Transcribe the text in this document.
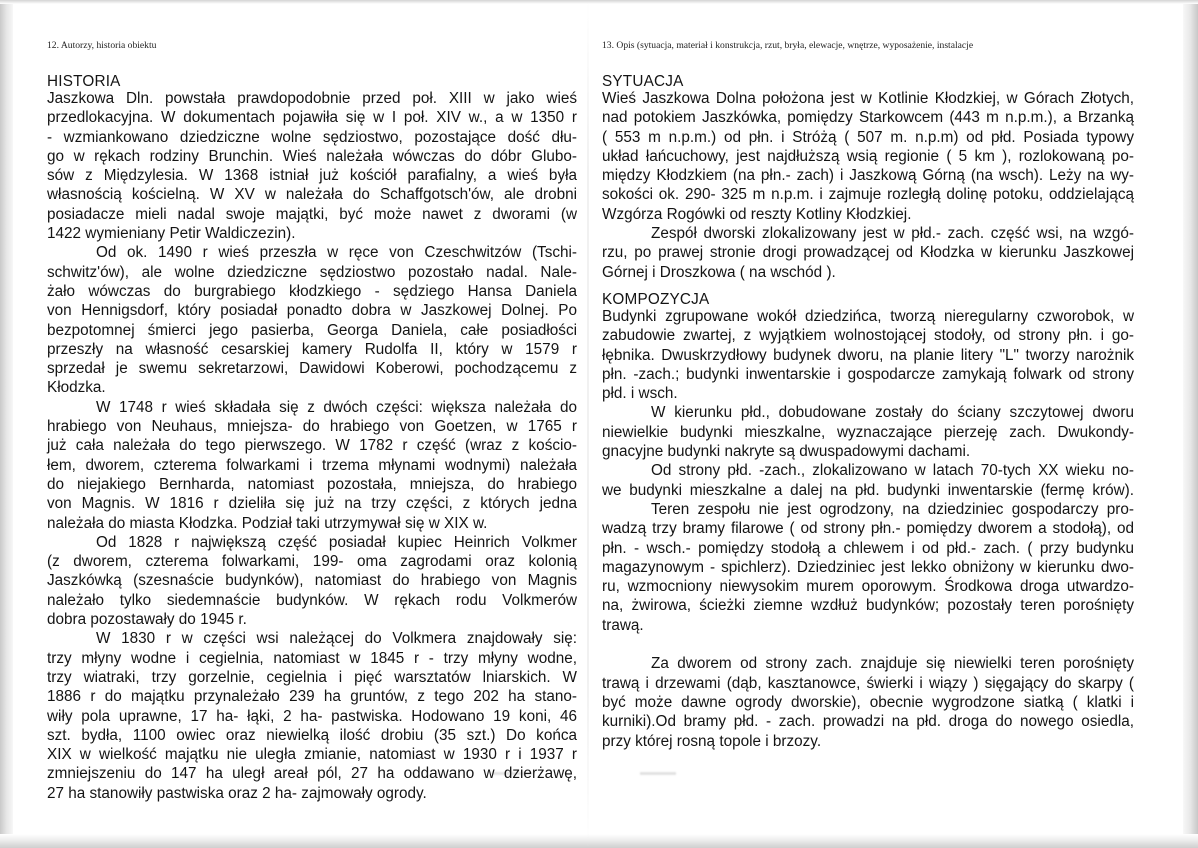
12. Autorzy, historia obiektu
HISTORIA
Jaszkowa Dln. powstała prawdopodobnie przed poł. XIII w jako wieś
przedlokacyjna. W dokumentach pojawiła się w I poł. XIV w., a w 1350 r
- wzmiankowano dziedziczne wolne sędziostwo, pozostające dość dłu-
go w rękach rodziny Brunchin. Wieś należała wówczas do dóbr Glubo-
sów z Międzylesia. W 1368 istniał już kościół parafialny, a wieś była
własnością kościelną. W XV w należała do Schaffgotsch'ów, ale drobni
posiadacze mieli nadal swoje majątki, być może nawet z dworami (w
1422 wymieniany Petir Waldiczezin).
Od ok. 1490 r wieś przeszła w ręce von Czeschwitzów (Tschi-
schwitz'ów), ale wolne dziedziczne sędziostwo pozostało nadal. Nale-
żało wówczas do burgrabiego kłodzkiego - sędziego Hansa Daniela
von Hennigsdorf, który posiadał ponadto dobra w Jaszkowej Dolnej. Po
bezpotomnej śmierci jego pasierba, Georga Daniela, całe posiadłości
przeszły na własność cesarskiej kamery Rudolfa II, który w 1579 r
sprzedał je swemu sekretarzowi, Dawidowi Koberowi, pochodzącemu z
Kłodzka.
W 1748 r wieś składała się z dwóch części: większa należała do
hrabiego von Neuhaus, mniejsza- do hrabiego von Goetzen, w 1765 r
już cała należała do tego pierwszego. W 1782 r część (wraz z kościo-
łem, dworem, czterema folwarkami i trzema młynami wodnymi) należała
do niejakiego Bernharda, natomiast pozostała, mniejsza, do hrabiego
von Magnis. W 1816 r dzieliła się już na trzy części, z których jedna
należała do miasta Kłodzka. Podział taki utrzymywał się w XIX w.
Od 1828 r największą część posiadał kupiec Heinrich Volkmer
(z dworem, czterema folwarkami, 199- oma zagrodami oraz kolonią
Jaszkówką (szesnaście budynków), natomiast do hrabiego von Magnis
należało tylko siedemnaście budynków. W rękach rodu Volkmerów
dobra pozostawały do 1945 r.
W 1830 r w części wsi należącej do Volkmera znajdowały się:
trzy młyny wodne i cegielnia, natomiast w 1845 r - trzy młyny wodne,
trzy wiatraki, trzy gorzelnie, cegielnia i pięć warsztatów lniarskich. W
1886 r do majątku przynależało 239 ha gruntów, z tego 202 ha stano-
wiły pola uprawne, 17 ha- łąki, 2 ha- pastwiska. Hodowano 19 koni, 46
szt. bydła, 1100 owiec oraz niewielką ilość drobiu (35 szt.) Do końca
XIX w wielkość majątku nie uległa zmianie, natomiast w 1930 r i 1937 r
zmniejszeniu do 147 ha uległ areał pól, 27 ha oddawano w dzierżawę,
27 ha stanowiły pastwiska oraz 2 ha- zajmowały ogrody.
13. Opis (sytuacja, materiał i konstrukcja, rzut, bryła, elewacje, wnętrze, wyposażenie, instalacje
SYTUACJA
Wieś Jaszkowa Dolna położona jest w Kotlinie Kłodzkiej, w Górach Złotych,
nad potokiem Jaszkówka, pomiędzy Starkowcem (443 m n.p.m.), a Brzanką
( 553 m n.p.m.) od płn. i Stróżą ( 507 m. n.p.m) od płd. Posiada typowy
układ łańcuchowy, jest najdłuższą wsią regionie ( 5 km ), rozlokowaną po-
między Kłodzkiem (na płn.- zach) i Jaszkową Górną (na wsch). Leży na wy-
sokości ok. 290- 325 m n.p.m. i zajmuje rozległą dolinę potoku, oddzielającą
Wzgórza Rogówki od reszty Kotliny Kłodzkiej.
Zespół dworski zlokalizowany jest w płd.- zach. część wsi, na wzgó-
rzu, po prawej stronie drogi prowadzącej od Kłodzka w kierunku Jaszkowej
Górnej i Droszkowa ( na wschód ).
KOMPOZYCJA
Budynki zgrupowane wokół dziedzińca, tworzą nieregularny czworobok, w
zabudowie zwartej, z wyjątkiem wolnostojącej stodoły, od strony płn. i go-
łębnika. Dwuskrzydłowy budynek dworu, na planie litery "L" tworzy narożnik
płn. -zach.; budynki inwentarskie i gospodarcze zamykają folwark od strony
płd. i wsch.
W kierunku płd., dobudowane zostały do ściany szczytowej dworu
niewielkie budynki mieszkalne, wyznaczające pierzeję zach. Dwukondy-
gnacyjne budynki nakryte są dwuspadowymi dachami.
Od strony płd. -zach., zlokalizowano w latach 70-tych XX wieku no-
we budynki mieszkalne a dalej na płd. budynki inwentarskie (fermę krów).
Teren zespołu nie jest ogrodzony, na dziedziniec gospodarczy pro-
wadzą trzy bramy filarowe ( od strony płn.- pomiędzy dworem a stodołą), od
płn. - wsch.- pomiędzy stodołą a chlewem i od płd.- zach. ( przy budynku
magazynowym - spichlerz). Dziedziniec jest lekko obniżony w kierunku dwo-
ru, wzmocniony niewysokim murem oporowym. Środkowa droga utwardzo-
na, żwirowa, ścieżki ziemne wzdłuż budynków; pozostały teren porośnięty
trawą.
Za dworem od strony zach. znajduje się niewielki teren porośnięty
trawą i drzewami (dąb, kasztanowce, świerki i wiązy ) sięgający do skarpy (
być może dawne ogrody dworskie), obecnie wygrodzone siatką ( klatki i
kurniki).Od bramy płd. - zach. prowadzi na płd. droga do nowego osiedla,
przy której rosną topole i brzozy.
